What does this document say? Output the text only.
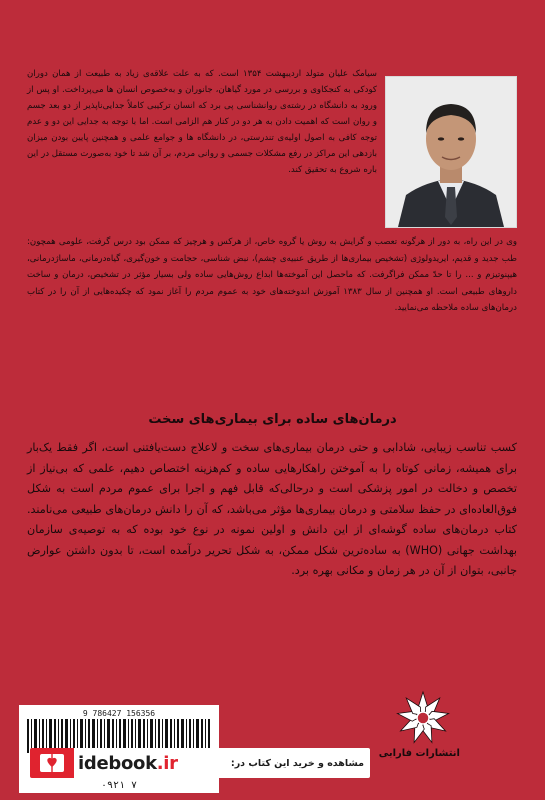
سیامک علیان متولد اردیبهشت ۱۳۵۴ است. که به علت علاقه‌ی زیاد به طبیعت از همان دوران کودکی به کنجکاوی و بررسی در مورد گیاهان، جانوران و به‌خصوص انسان ها می‌پرداخت. او پس از ورود به دانشگاه در رشته‌ی روانشناسی پی برد که انسان ترکیبی کاملاً جدایی‌ناپذیر از دو بعد جسم و روان است که اهمیت دادن به هر دو در کنار هم الزامی است. اما با توجه به جدایی این دو و عدم توجه کافی به اصول اولیه‌ی تندرستی، در دانشگاه ها و جوامع علمی و همچنین پایین بودن میزان بازدهی این مراکز در رفع مشکلات جسمی و روانی مردم، بر آن شد تا خود به‌صورت مستقل در این باره شروع به تحقیق کند.
وی در این راه، به دور از هرگونه تعصب و گرایش به روش یا گروه خاص، از هرکس و هرچیز که ممکن بود درس گرفت، علومی همچون: طب جدید و قدیم، ایریدولوژی (تشخیص بیماری‌ها از طریق عنبیه‌ی چشم)، نبض شناسی، حجامت و خون‌گیری، گیاه‌درمانی، ماساژدرمانی، هیپنوتیزم و ... را تا حدّ ممکن فراگرفت. که ماحصل این آموخته‌ها ابداع روش‌هایی ساده ولی بسیار مؤثر در تشخیص، درمان و ساخت داروهای طبیعی است. او همچنین از سال ۱۳۸۳ آموزش اندوخته‌های خود به عموم مردم را آغاز نمود که چکیده‌هایی از آن را در کتاب درمان‌های ساده ملاحظه می‌نمایید.
درمان‌های ساده برای بیماری‌های سخت
کسب تناسب زیبایی، شادابی و حتی درمان بیماری‌های سخت و لاعلاج دست‌یافتنی است، اگر فقط یک‌بار برای همیشه، زمانی کوتاه را به آموختن راهکارهایی ساده و کم‌هزینه اختصاص دهیم، علمی که بی‌نیاز از تخصص و دخالت در امور پزشکی است و درحالی‌که قابل فهم و اجرا برای عموم مردم است به شکل فوق‌العاده‌ای در حفظ سلامتی و درمان بیماری‌ها مؤثر می‌باشد، که آن را دانش درمان‌های طبیعی می‌نامند. کتاب درمان‌های ساده گوشه‌ای از این دانش و اولین نمونه در نوع خود بوده که به توصیه‌ی سازمان بهداشت جهانی (WHO) به ساده‌ترین شکل ممکن، به شکل تحریر درآمده است، تا بدون داشتن عوارض جانبی، بتوان از آن در هر زمان و مکانی بهره برد.
انتشارات فارابی
9 786427 156356
۰۹۲۱ ۷
idebook.ir	مشاهده و خرید این کتاب در:
